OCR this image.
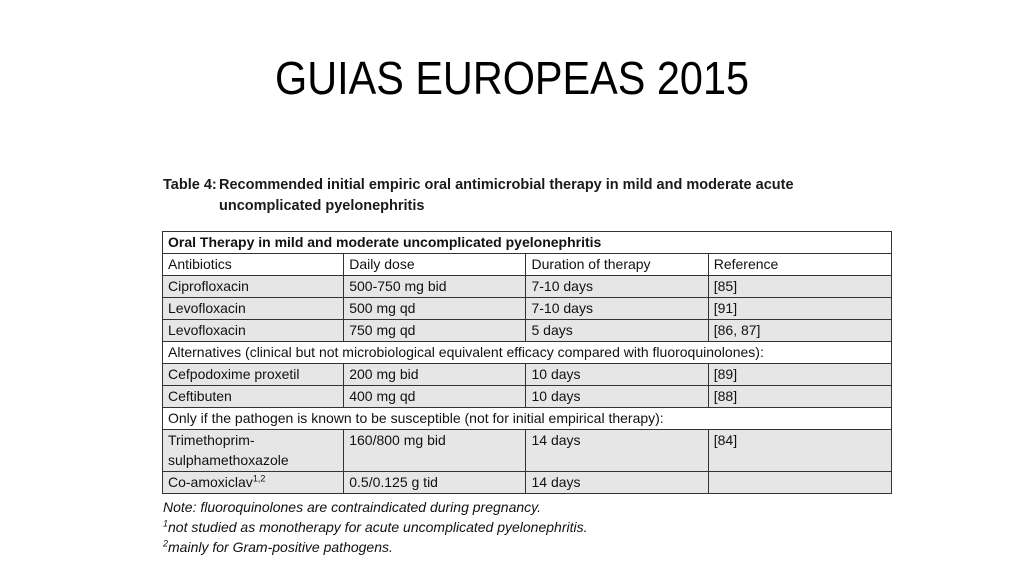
GUIAS EUROPEAS 2015
Table 4: Recommended initial empiric oral antimicrobial therapy in mild and moderate acute
uncomplicated pyelonephritis
Oral Therapy in mild and moderate uncomplicated pyelonephritis			
Antibiotics	Daily dose	Duration of therapy	Reference
Ciprofloxacin	500-750 mg bid	7-10 days	[85]
Levofloxacin	500 mg qd	7-10 days	[91]
Levofloxacin	750 mg qd	5 days	[86, 87]
Alternatives (clinical but not microbiological equivalent efficacy compared with fluoroquinolones):			
Cefpodoxime proxetil	200 mg bid	10 days	[89]
Ceftibuten	400 mg qd	10 days	[88]
Only if the pathogen is known to be susceptible (not for initial empirical therapy):			
Trimethoprim-
sulphamethoxazole	160/800 mg bid	14 days	[84]
Co-amoxiclav$^{1,2}$	0.5/0.125 g tid	14 days	
Note: fluoroquinolones are contraindicated during pregnancy.
$^1$not studied as monotherapy for acute uncomplicated pyelonephritis.
$^2$mainly for Gram-positive pathogens.
